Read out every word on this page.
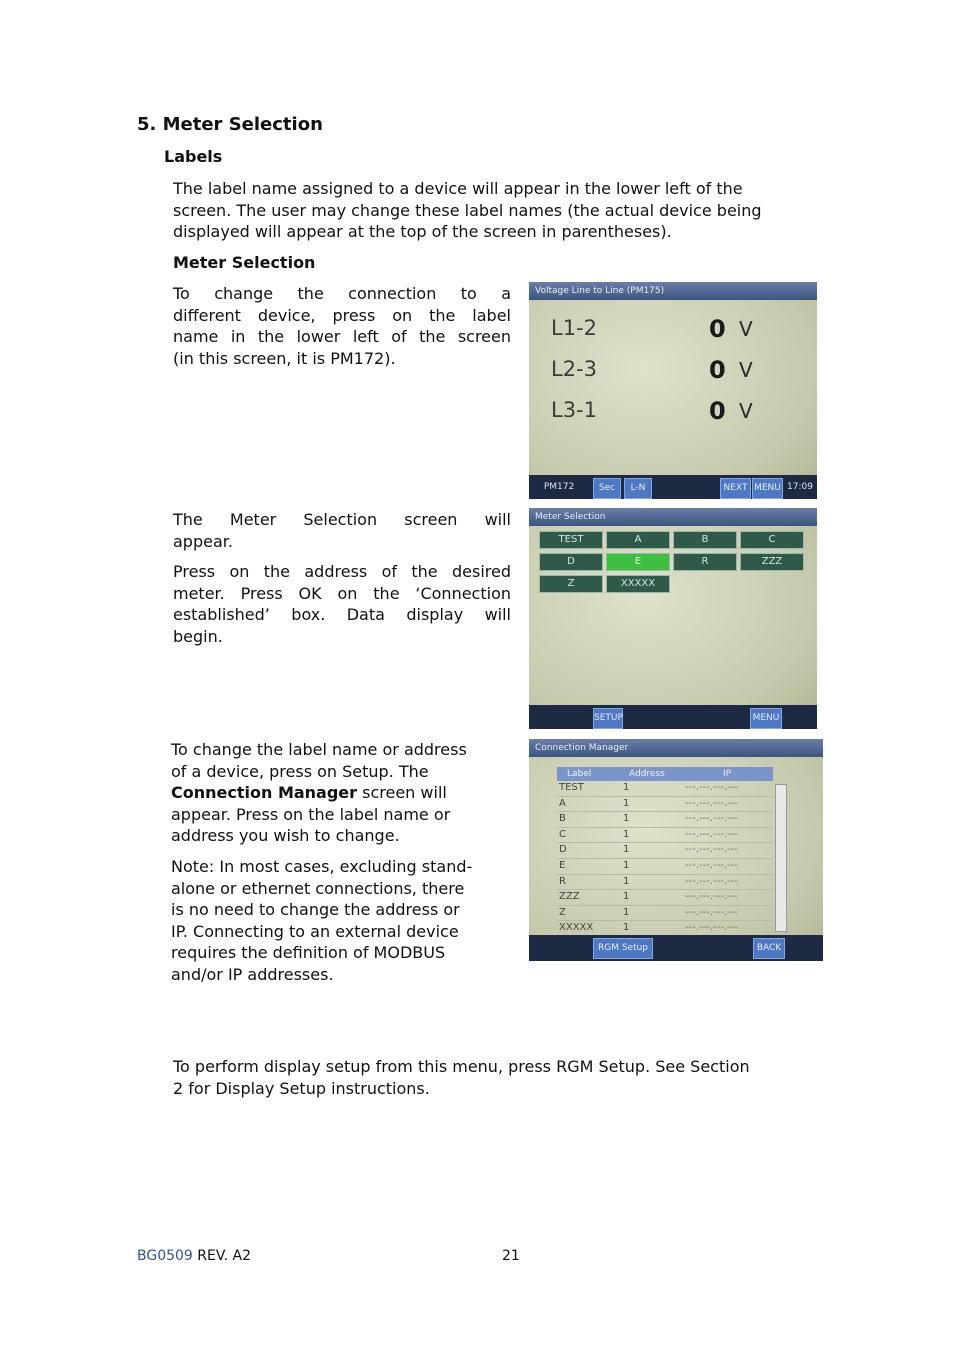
5. Meter Selection
Labels
The label name assigned to a device will appear in the lower left of the
screen. The user may change these label names (the actual device being
displayed will appear at the top of the screen in parentheses).
Meter Selection
To change the connection to a
different device, press on the label
name in the lower left of the screen
(in this screen, it is PM172).
Voltage Line to Line (PM175)
L1-2	0 V
L2-3	0 V
L3-1	0 V
PM172	Sec	L-N	NEXT MENU 17:09
The Meter Selection screen will
appear.
Press on the address of the desired
meter. Press OK on the ‘Connection
established’ box. Data display will
begin.
Meter Selection
TEST	A	B	C
D	E	R	ZZZ
Z	XXXXX
SETUP	MENU
To change the label name or address
of a device, press on Setup. The
Connection Manager screen will
appear. Press on the label name or
address you wish to change.
Note: In most cases, excluding stand-
alone or ethernet connections, there
is no need to change the address or
IP. Connecting to an external device
requires the definition of MODBUS
and/or IP addresses.
Connection Manager
Label	Address	IP
TEST	1	---.---.---.---
A	1	---.---.---.---
B	1	---.---.---.---
C	1	---.---.---.---
D	1	---.---.---.---
E	1	---.---.---.---
R	1	---.---.---.---
ZZZ	1	---.---.---.---
Z	1	---.---.---.---
XXXXX	1	---.---.---.---
RGM Setup	BACK
To perform display setup from this menu, press RGM Setup. See Section
2 for Display Setup instructions.
BG0509 REV. A2	21
